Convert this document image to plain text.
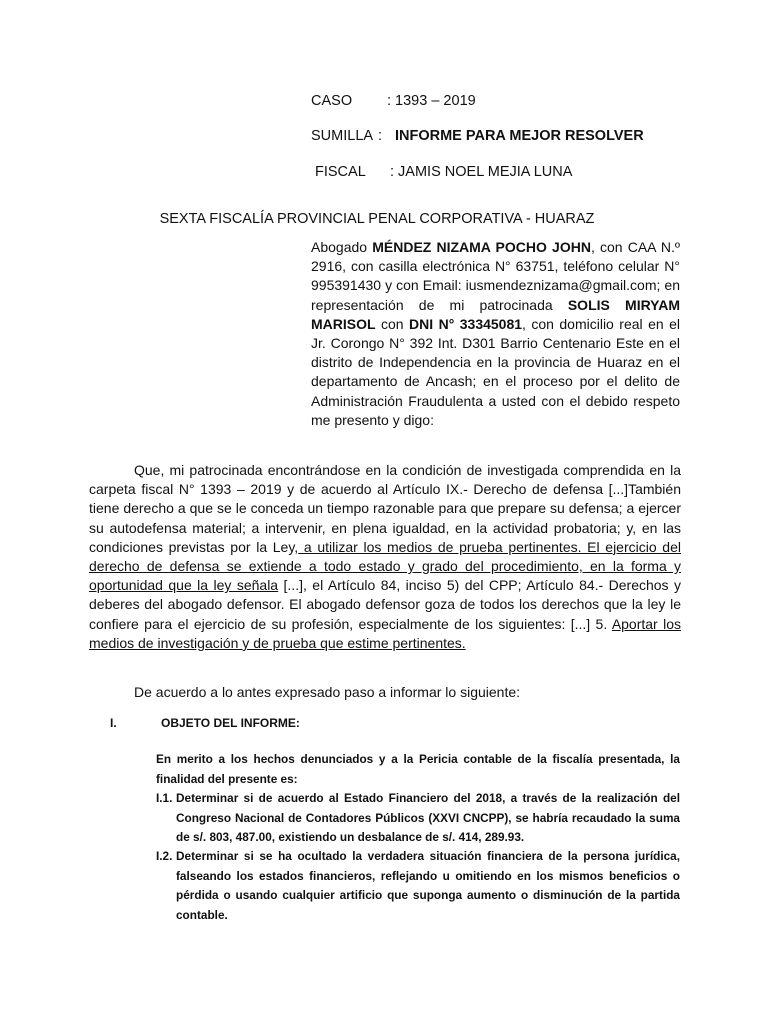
CASO : 1393 – 2019
SUMILLA : INFORME PARA MEJOR RESOLVER
FISCAL : JAMIS NOEL MEJIA LUNA
SEXTA FISCALÍA PROVINCIAL PENAL CORPORATIVA - HUARAZ
Abogado MÉNDEZ NIZAMA POCHO JOHN, con CAA N.º 2916, con casilla electrónica N° 63751, teléfono celular N° 995391430 y con Email: iusmendeznizama@gmail.com; en representación de mi patrocinada SOLIS MIRYAM MARISOL con DNI N° 33345081, con domicilio real en el Jr. Corongo N° 392 Int. D301 Barrio Centenario Este en el distrito de Independencia en la provincia de Huaraz en el departamento de Ancash; en el proceso por el delito de Administración Fraudulenta a usted con el debido respeto me presento y digo:
Que, mi patrocinada encontrándose en la condición de investigada comprendida en la carpeta fiscal N° 1393 – 2019 y de acuerdo al Artículo IX.- Derecho de defensa [...]También tiene derecho a que se le conceda un tiempo razonable para que prepare su defensa; a ejercer su autodefensa material; a intervenir, en plena igualdad, en la actividad probatoria; y, en las condiciones previstas por la Ley, a utilizar los medios de prueba pertinentes. El ejercicio del derecho de defensa se extiende a todo estado y grado del procedimiento, en la forma y oportunidad que la ley señala [...], el Artículo 84, inciso 5) del CPP; Artículo 84.- Derechos y deberes del abogado defensor. El abogado defensor goza de todos los derechos que la ley le confiere para el ejercicio de su profesión, especialmente de los siguientes: [...] 5. Aportar los medios de investigación y de prueba que estime pertinentes.
De acuerdo a lo antes expresado paso a informar lo siguiente:
I.	OBJETO DEL INFORME:
En merito a los hechos denunciados y a la Pericia contable de la fiscalía presentada, la finalidad del presente es:
I.1. Determinar si de acuerdo al Estado Financiero del 2018, a través de la realización del Congreso Nacional de Contadores Públicos (XXVI CNCPP), se habría recaudado la suma de s/. 803, 487.00, existiendo un desbalance de s/. 414, 289.93.
I.2. Determinar si se ha ocultado la verdadera situación financiera de la persona jurídica, falseando los estados financieros, reflejando u omitiendo en los mismos beneficios o pérdida o usando cualquier artificio que suponga aumento o disminución de la partida contable.
